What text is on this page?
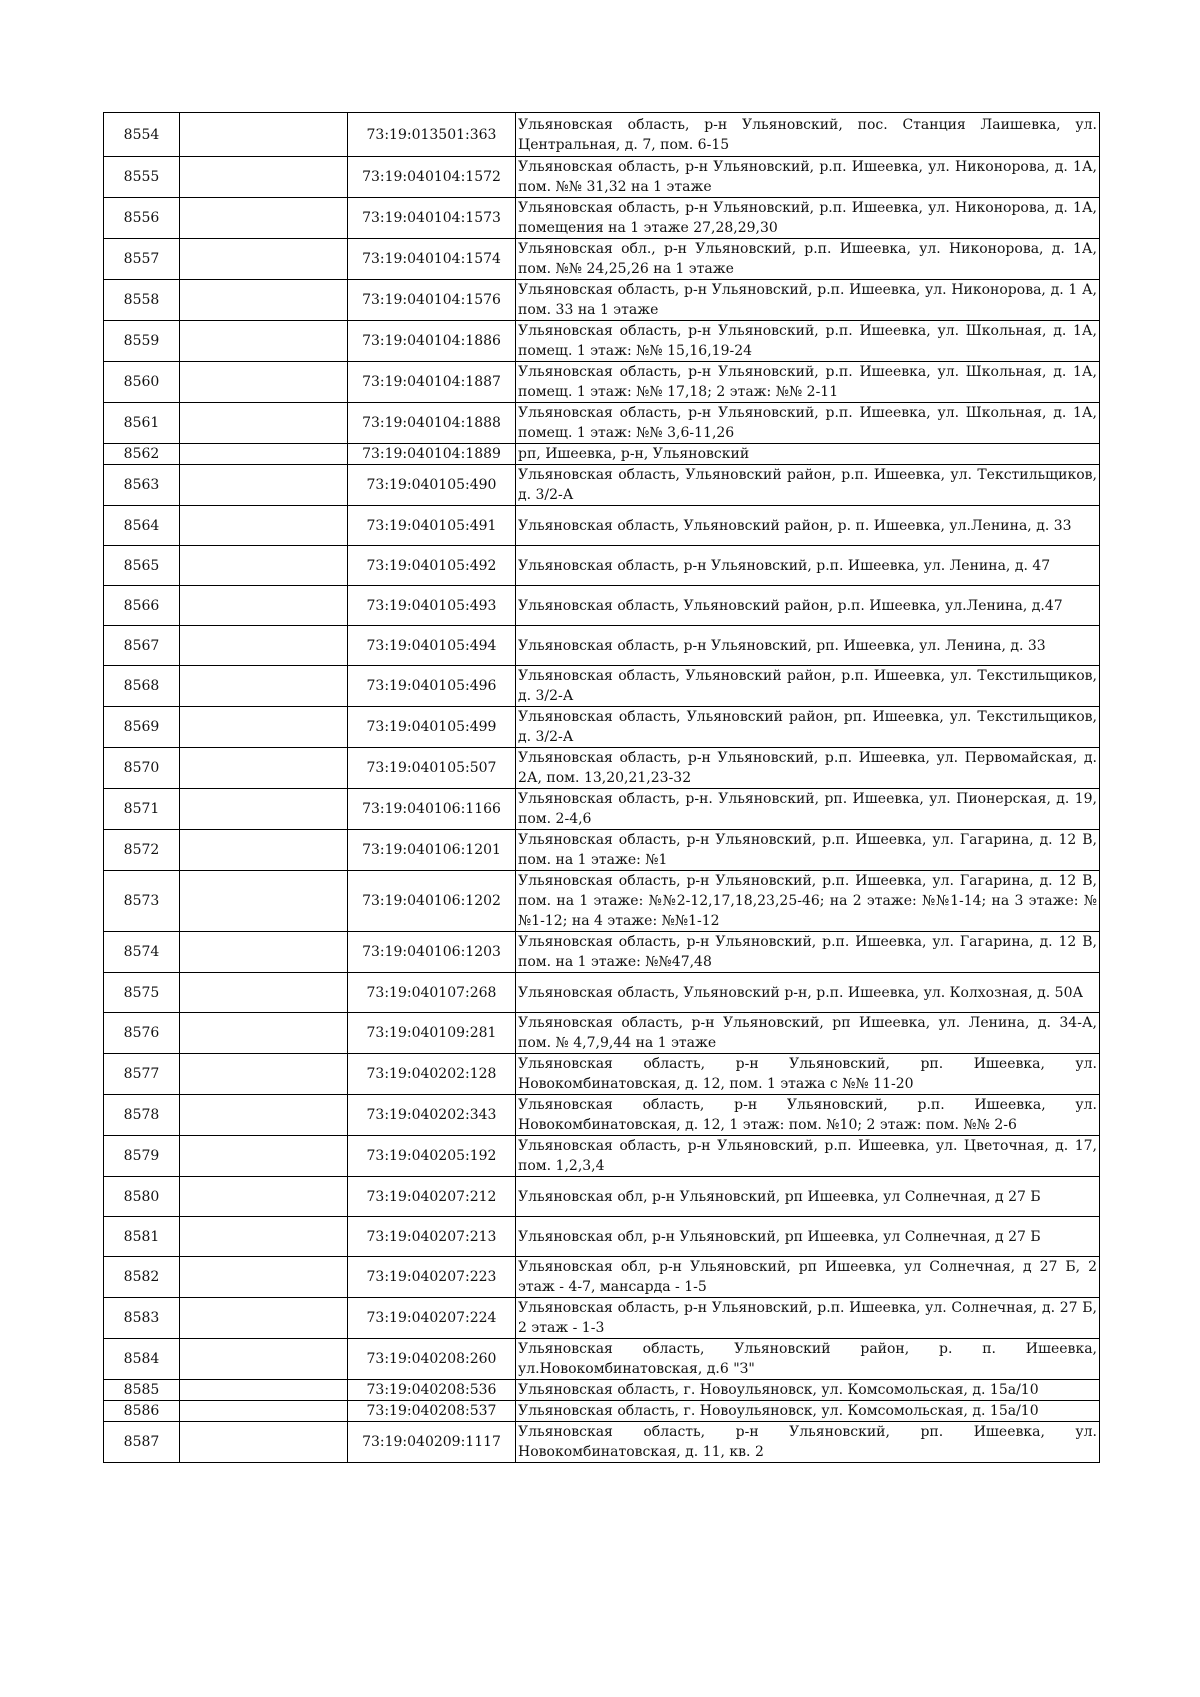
8554		73:19:013501:363	Ульяновская область, р-н Ульяновский, пос. Станция Лаишевка, ул. Центральная, д. 7, пом. 6-15
8555		73:19:040104:1572	Ульяновская область, р-н Ульяновский, р.п. Ишеевка, ул. Никонорова, д. 1А, пом. №№ 31,32 на 1 этаже
8556		73:19:040104:1573	Ульяновская область, р-н Ульяновский, р.п. Ишеевка, ул. Никонорова, д. 1А, помещения на 1 этаже 27,28,29,30
8557		73:19:040104:1574	Ульяновская обл., р-н Ульяновский, р.п. Ишеевка, ул. Никонорова, д. 1А, пом. №№ 24,25,26 на 1 этаже
8558		73:19:040104:1576	Ульяновская область, р-н Ульяновский, р.п. Ишеевка, ул. Никонорова, д. 1 А, пом. 33 на 1 этаже
8559		73:19:040104:1886	Ульяновская область, р-н Ульяновский, р.п. Ишеевка, ул. Школьная, д. 1А, помещ. 1 этаж: №№ 15,16,19-24
8560		73:19:040104:1887	Ульяновская область, р-н Ульяновский, р.п. Ишеевка, ул. Школьная, д. 1А, помещ. 1 этаж: №№ 17,18; 2 этаж: №№ 2-11
8561		73:19:040104:1888	Ульяновская область, р-н Ульяновский, р.п. Ишеевка, ул. Школьная, д. 1А, помещ. 1 этаж: №№ 3,6-11,26
8562		73:19:040104:1889	рп, Ишеевка, р-н, Ульяновский
8563		73:19:040105:490	Ульяновская область, Ульяновский район, р.п. Ишеевка, ул. Текстильщиков, д. 3/2-А
8564		73:19:040105:491	Ульяновская область, Ульяновский район, р. п. Ишеевка, ул.Ленина, д. 33
8565		73:19:040105:492	Ульяновская область, р-н Ульяновский, р.п. Ишеевка, ул. Ленина, д. 47
8566		73:19:040105:493	Ульяновская область, Ульяновский район, р.п. Ишеевка, ул.Ленина, д.47
8567		73:19:040105:494	Ульяновская область, р-н Ульяновский, рп. Ишеевка, ул. Ленина, д. 33
8568		73:19:040105:496	Ульяновская область, Ульяновский район, р.п. Ишеевка, ул. Текстильщиков, д. 3/2-А
8569		73:19:040105:499	Ульяновская область, Ульяновский район, рп. Ишеевка, ул. Текстильщиков, д. 3/2-А
8570		73:19:040105:507	Ульяновская область, р-н Ульяновский, р.п. Ишеевка, ул. Первомайская, д. 2А, пом. 13,20,21,23-32
8571		73:19:040106:1166	Ульяновская область, р-н. Ульяновский, рп. Ишеевка, ул. Пионерская, д. 19, пом. 2-4,6
8572		73:19:040106:1201	Ульяновская область, р-н Ульяновский, р.п. Ишеевка, ул. Гагарина, д. 12 В, пом. на 1 этаже: №1
8573		73:19:040106:1202	Ульяновская область, р-н Ульяновский, р.п. Ишеевка, ул. Гагарина, д. 12 В, пом. на 1 этаже: №№2-12,17,18,23,25-46; на 2 этаже: №№1-14; на 3 этаже: №№1-12; на 4 этаже: №№1-12
8574		73:19:040106:1203	Ульяновская область, р-н Ульяновский, р.п. Ишеевка, ул. Гагарина, д. 12 В, пом. на 1 этаже: №№47,48
8575		73:19:040107:268	Ульяновская область, Ульяновский р-н, р.п. Ишеевка, ул. Колхозная, д. 50А
8576		73:19:040109:281	Ульяновская область, р-н Ульяновский, рп Ишеевка, ул. Ленина, д. 34-А, пом. № 4,7,9,44 на 1 этаже
8577		73:19:040202:128	Ульяновская область, р-н Ульяновский, рп. Ишеевка, ул. Новокомбинатовская, д. 12, пом. 1 этажа с №№ 11-20
8578		73:19:040202:343	Ульяновская область, р-н Ульяновский, р.п. Ишеевка, ул. Новокомбинатовская, д. 12, 1 этаж: пом. №10; 2 этаж: пом. №№ 2-6
8579		73:19:040205:192	Ульяновская область, р-н Ульяновский, р.п. Ишеевка, ул. Цветочная, д. 17, пом. 1,2,3,4
8580		73:19:040207:212	Ульяновская обл, р-н Ульяновский, рп Ишеевка, ул Солнечная, д 27 Б
8581		73:19:040207:213	Ульяновская обл, р-н Ульяновский, рп Ишеевка, ул Солнечная, д 27 Б
8582		73:19:040207:223	Ульяновская обл, р-н Ульяновский, рп Ишеевка, ул Солнечная, д 27 Б, 2 этаж - 4-7, мансарда - 1-5
8583		73:19:040207:224	Ульяновская область, р-н Ульяновский, р.п. Ишеевка, ул. Солнечная, д. 27 Б, 2 этаж - 1-3
8584		73:19:040208:260	Ульяновская область, Ульяновский район, р. п. Ишеевка, ул.Новокомбинатовская, д.6 "З"
8585		73:19:040208:536	Ульяновская область, г. Новоульяновск, ул. Комсомольская, д. 15а/10
8586		73:19:040208:537	Ульяновская область, г. Новоульяновск, ул. Комсомольская, д. 15а/10
8587		73:19:040209:1117	Ульяновская область, р-н Ульяновский, рп. Ишеевка, ул. Новокомбинатовская, д. 11, кв. 2
